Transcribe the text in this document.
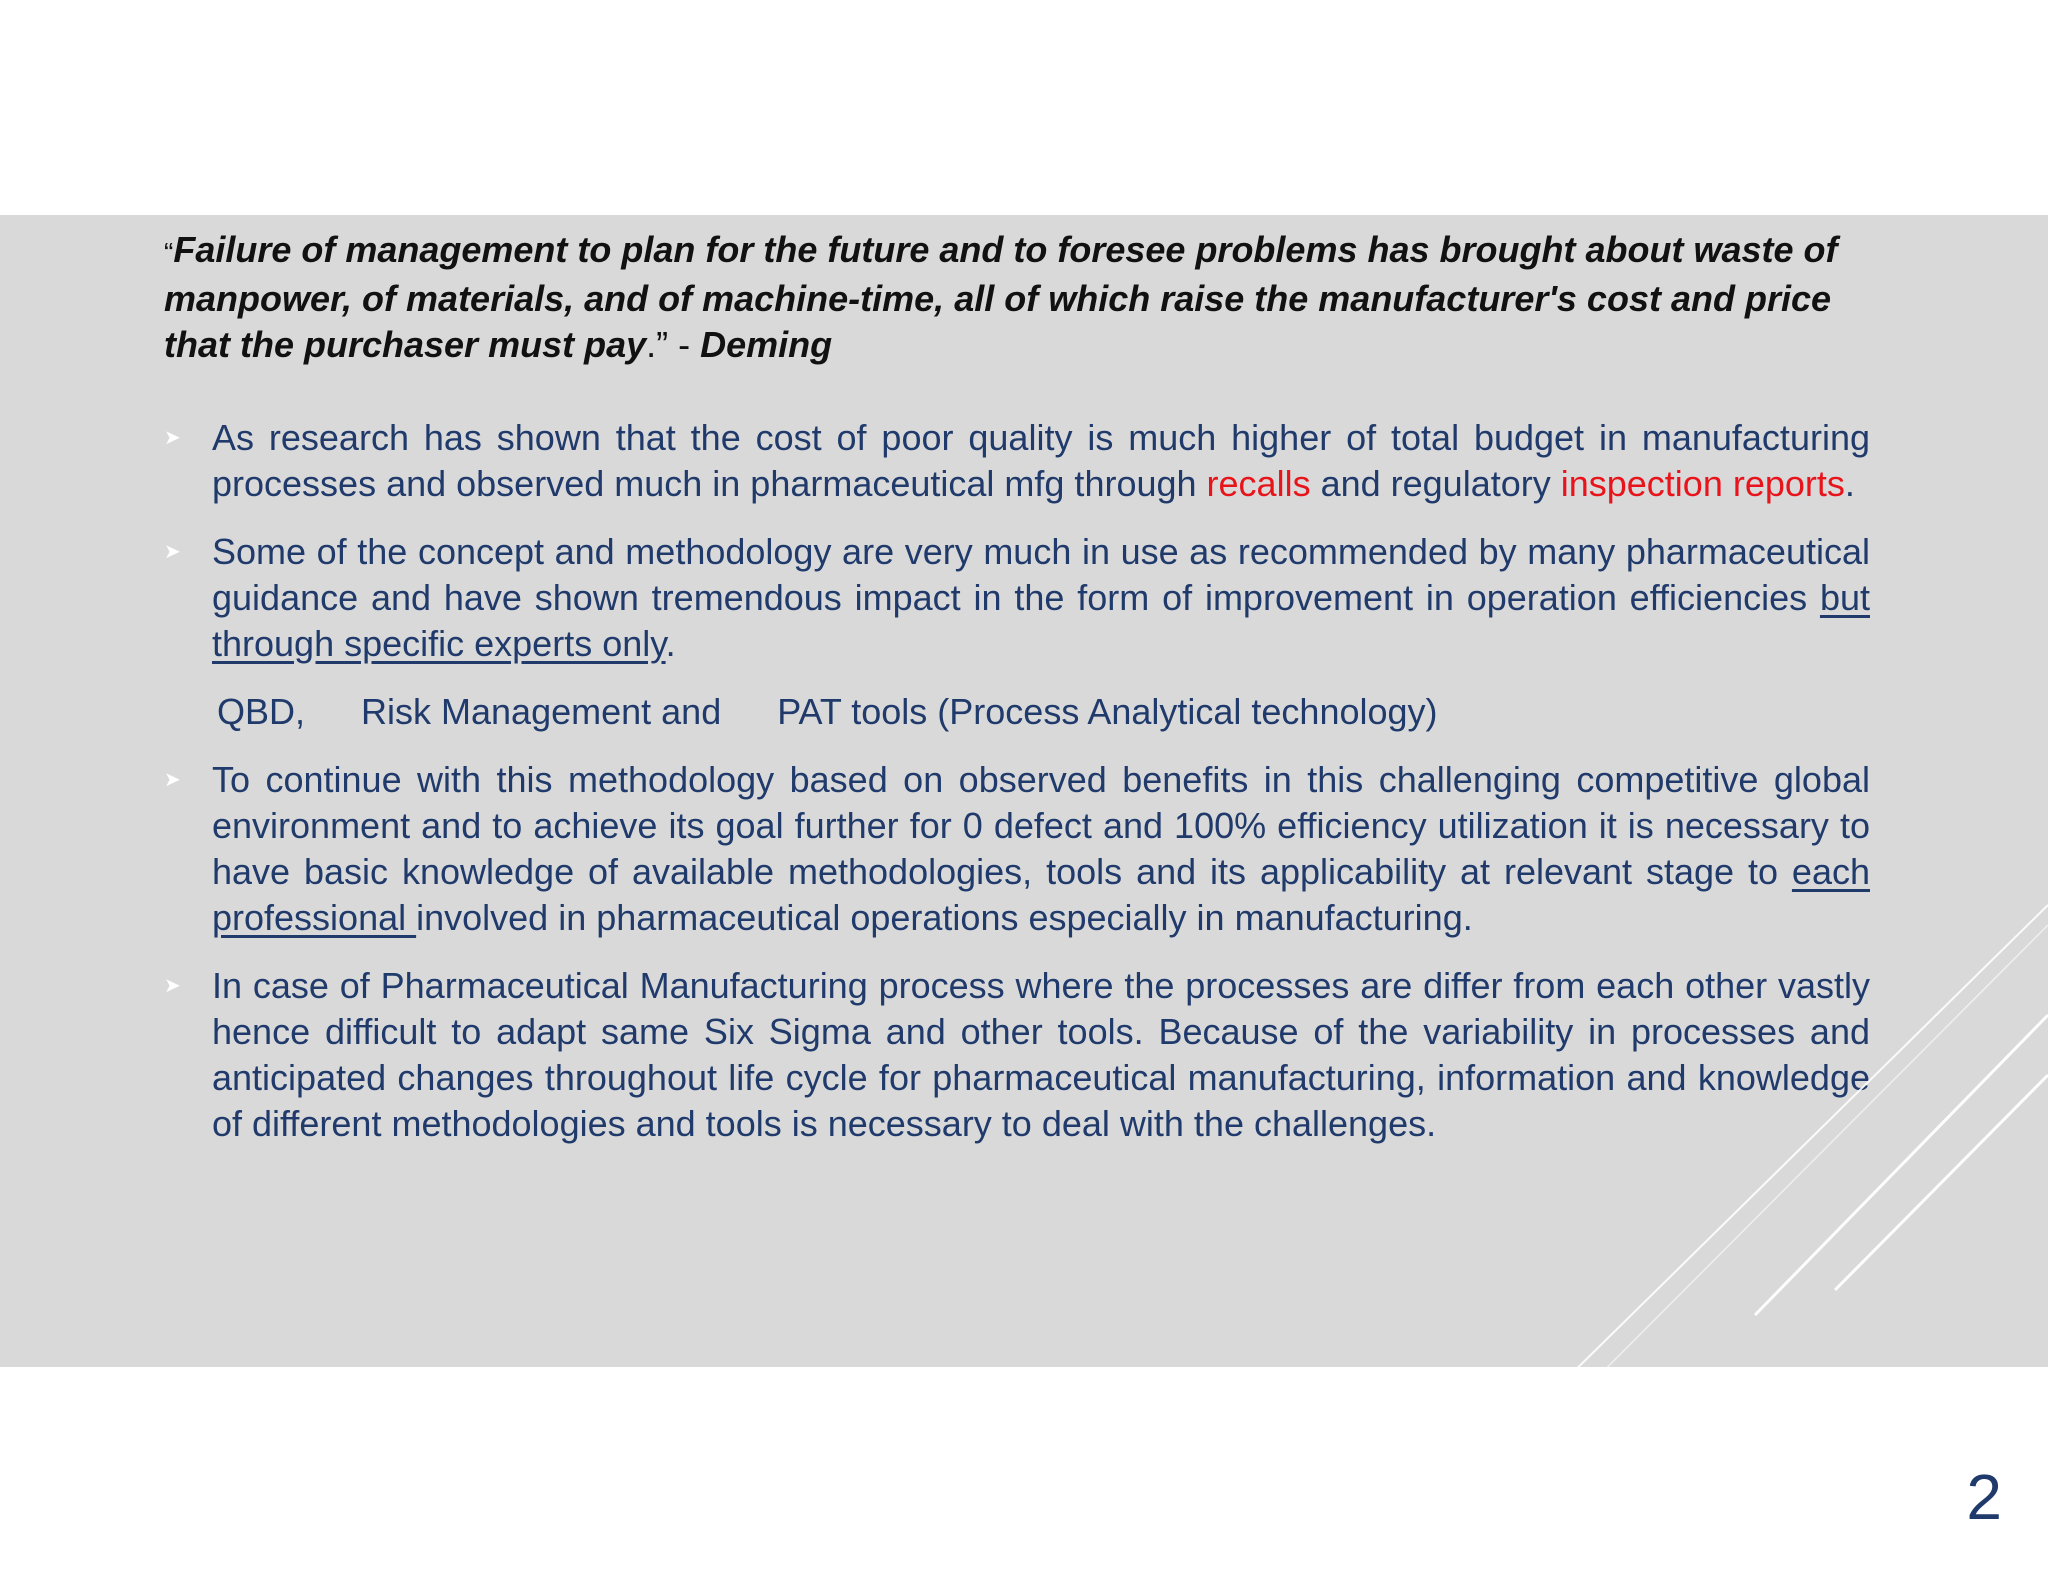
“Failure of management to plan for the future and to foresee problems has brought about waste of manpower, of materials, and of machine-time, all of which raise the manufacturer's cost and price that the purchaser must pay.” - Deming
➤ As research has shown that the cost of poor quality is much higher of total budget in manufacturing processes and observed much in pharmaceutical mfg through recalls and regulatory inspection reports.
➤ Some of the concept and methodology are very much in use as recommended by many pharmaceutical guidance and have shown tremendous impact in the form of improvement in operation efficiencies but through specific experts only.
QBD, Risk Management and PAT tools (Process Analytical technology)
➤ To continue with this methodology based on observed benefits in this challenging competitive global environment and to achieve its goal further for 0 defect and 100% efficiency utilization it is necessary to have basic knowledge of available methodologies, tools and its applicability at relevant stage to each professional involved in pharmaceutical operations especially in manufacturing.
➤ In case of Pharmaceutical Manufacturing process where the processes are differ from each other vastly hence difficult to adapt same Six Sigma and other tools. Because of the variability in processes and anticipated changes throughout life cycle for pharmaceutical manufacturing, information and knowledge of different methodologies and tools is necessary to deal with the challenges.
2
